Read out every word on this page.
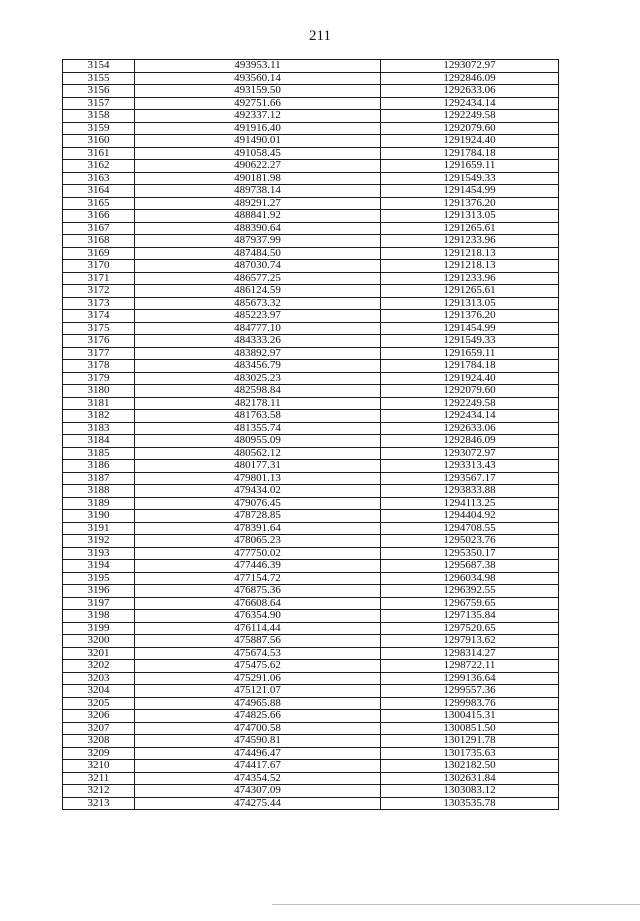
211
3154	493953.11	1293072.97
3155	493560.14	1292846.09
3156	493159.50	1292633.06
3157	492751.66	1292434.14
3158	492337.12	1292249.58
3159	491916.40	1292079.60
3160	491490.01	1291924.40
3161	491058.45	1291784.18
3162	490622.27	1291659.11
3163	490181.98	1291549.33
3164	489738.14	1291454.99
3165	489291.27	1291376.20
3166	488841.92	1291313.05
3167	488390.64	1291265.61
3168	487937.99	1291233.96
3169	487484.50	1291218.13
3170	487030.74	1291218.13
3171	486577.25	1291233.96
3172	486124.59	1291265.61
3173	485673.32	1291313.05
3174	485223.97	1291376.20
3175	484777.10	1291454.99
3176	484333.26	1291549.33
3177	483892.97	1291659.11
3178	483456.79	1291784.18
3179	483025.23	1291924.40
3180	482598.84	1292079.60
3181	482178.11	1292249.58
3182	481763.58	1292434.14
3183	481355.74	1292633.06
3184	480955.09	1292846.09
3185	480562.12	1293072.97
3186	480177.31	1293313.43
3187	479801.13	1293567.17
3188	479434.02	1293833.88
3189	479076.45	1294113.25
3190	478728.85	1294404.92
3191	478391.64	1294708.55
3192	478065.23	1295023.76
3193	477750.02	1295350.17
3194	477446.39	1295687.38
3195	477154.72	1296034.98
3196	476875.36	1296392.55
3197	476608.64	1296759.65
3198	476354.90	1297135.84
3199	476114.44	1297520.65
3200	475887.56	1297913.62
3201	475674.53	1298314.27
3202	475475.62	1298722.11
3203	475291.06	1299136.64
3204	475121.07	1299557.36
3205	474965.88	1299983.76
3206	474825.66	1300415.31
3207	474700.58	1300851.50
3208	474590.81	1301291.78
3209	474496.47	1301735.63
3210	474417.67	1302182.50
3211	474354.52	1302631.84
3212	474307.09	1303083.12
3213	474275.44	1303535.78
